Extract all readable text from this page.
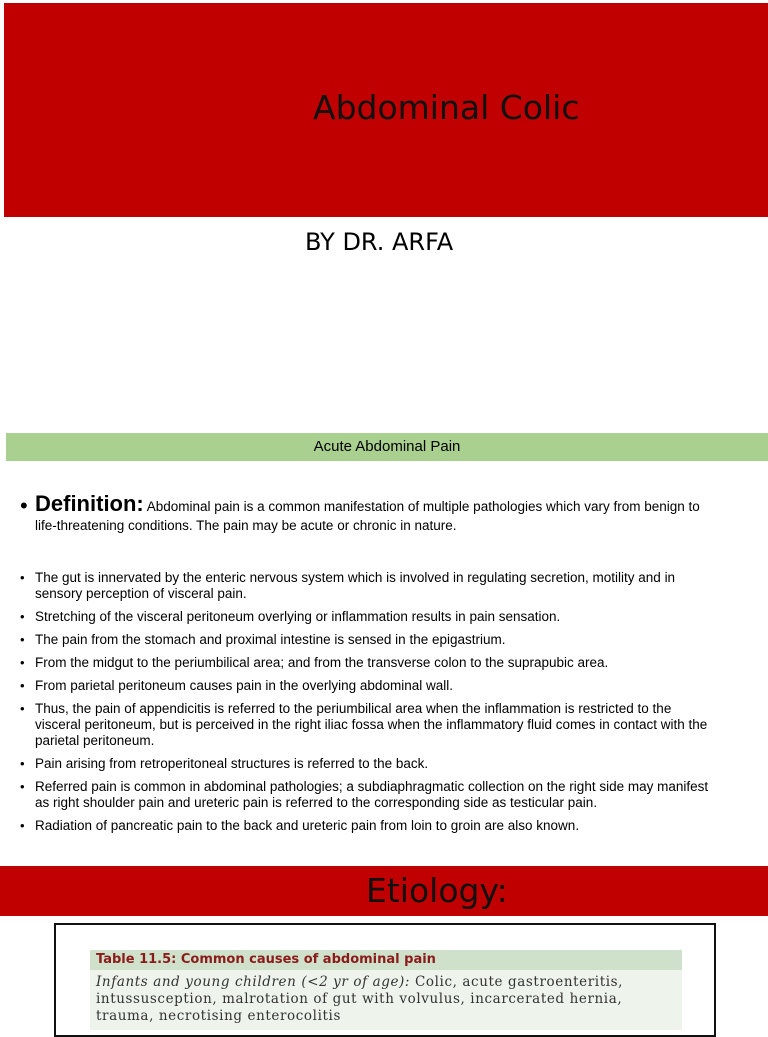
Abdominal Colic
BY DR. ARFA
Acute Abdominal Pain
• Definition: Abdominal pain is a common manifestation of multiple pathologies which vary from benign to life-threatening conditions. The pain may be acute or chronic in nature.
• The gut is innervated by the enteric nervous system which is involved in regulating secretion, motility and in sensory perception of visceral pain.
• Stretching of the visceral peritoneum overlying or inflammation results in pain sensation.
• The pain from the stomach and proximal intestine is sensed in the epigastrium.
• From the midgut to the periumbilical area; and from the transverse colon to the suprapubic area.
• From parietal peritoneum causes pain in the overlying abdominal wall.
• Thus, the pain of appendicitis is referred to the periumbilical area when the inflammation is restricted to the visceral peritoneum, but is perceived in the right iliac fossa when the inflammatory fluid comes in contact with the parietal peritoneum.
• Pain arising from retroperitoneal structures is referred to the back.
• Referred pain is common in abdominal pathologies; a subdiaphragmatic collection on the right side may manifest as right shoulder pain and ureteric pain is referred to the corresponding side as testicular pain.
• Radiation of pancreatic pain to the back and ureteric pain from loin to groin are also known.
Etiology:
Table 11.5: Common causes of abdominal pain
Infants and young children (<2 yr of age): Colic, acute gastroenteritis, intussusception, malrotation of gut with volvulus, incarcerated hernia, trauma, necrotising enterocolitis
